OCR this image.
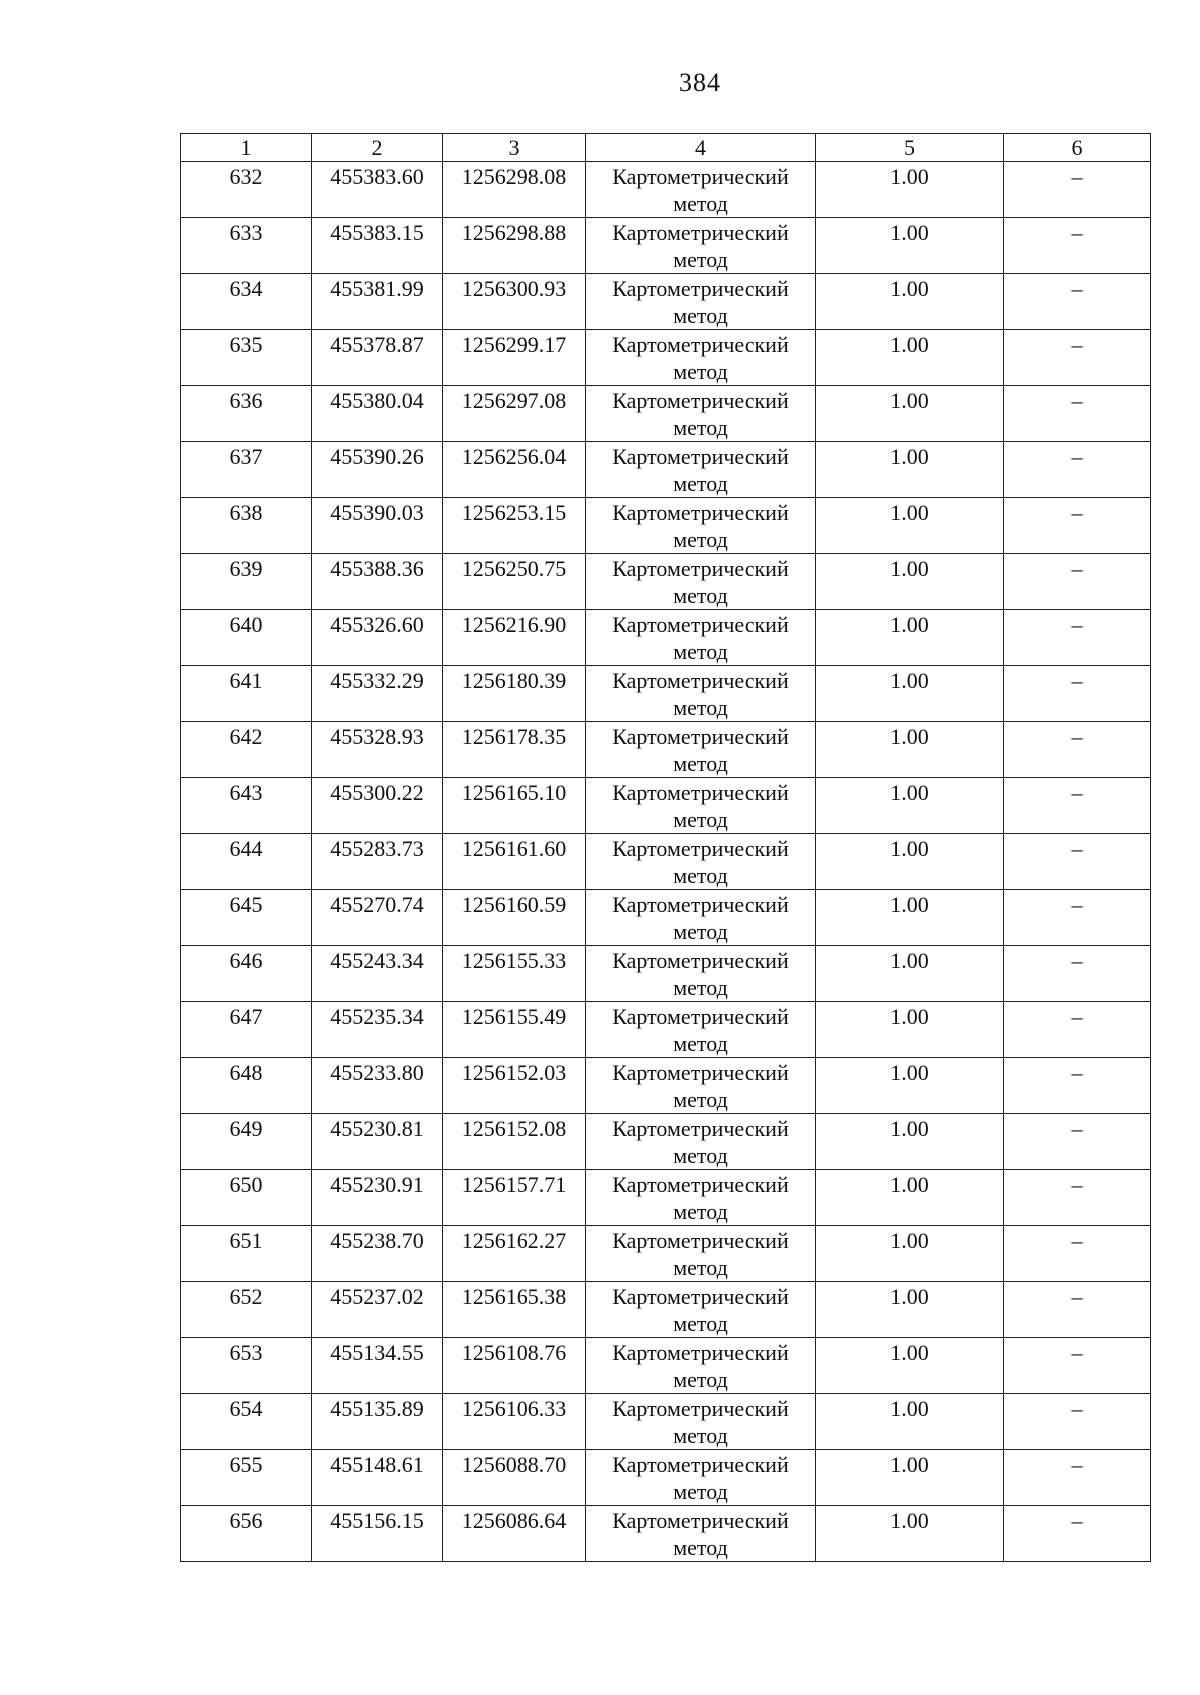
384
1	2	3	4	5	6
632	455383.60	1256298.08	Картометрический метод	1.00	–
633	455383.15	1256298.88	Картометрический метод	1.00	–
634	455381.99	1256300.93	Картометрический метод	1.00	–
635	455378.87	1256299.17	Картометрический метод	1.00	–
636	455380.04	1256297.08	Картометрический метод	1.00	–
637	455390.26	1256256.04	Картометрический метод	1.00	–
638	455390.03	1256253.15	Картометрический метод	1.00	–
639	455388.36	1256250.75	Картометрический метод	1.00	–
640	455326.60	1256216.90	Картометрический метод	1.00	–
641	455332.29	1256180.39	Картометрический метод	1.00	–
642	455328.93	1256178.35	Картометрический метод	1.00	–
643	455300.22	1256165.10	Картометрический метод	1.00	–
644	455283.73	1256161.60	Картометрический метод	1.00	–
645	455270.74	1256160.59	Картометрический метод	1.00	–
646	455243.34	1256155.33	Картометрический метод	1.00	–
647	455235.34	1256155.49	Картометрический метод	1.00	–
648	455233.80	1256152.03	Картометрический метод	1.00	–
649	455230.81	1256152.08	Картометрический метод	1.00	–
650	455230.91	1256157.71	Картометрический метод	1.00	–
651	455238.70	1256162.27	Картометрический метод	1.00	–
652	455237.02	1256165.38	Картометрический метод	1.00	–
653	455134.55	1256108.76	Картометрический метод	1.00	–
654	455135.89	1256106.33	Картометрический метод	1.00	–
655	455148.61	1256088.70	Картометрический метод	1.00	–
656	455156.15	1256086.64	Картометрический метод	1.00	–
